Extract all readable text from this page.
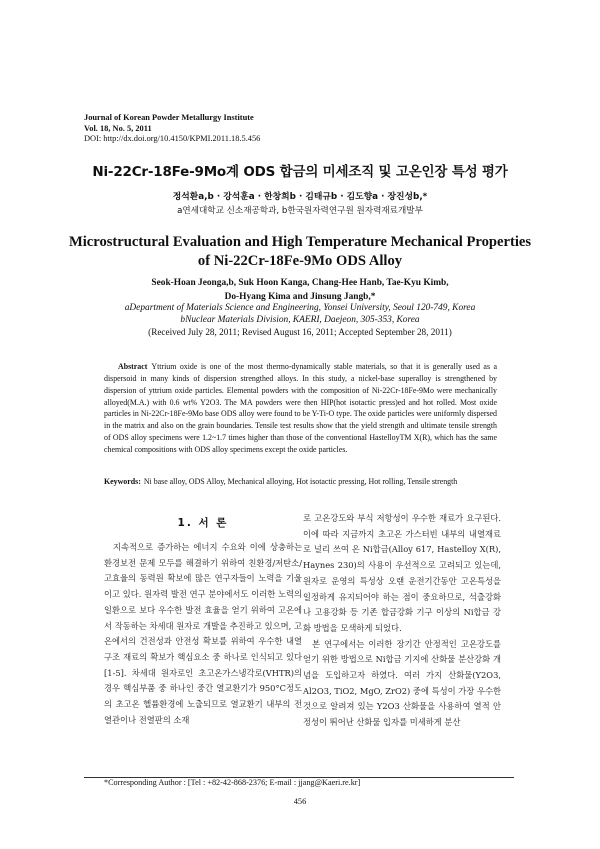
Journal of Korean Powder Metallurgy Institute
Vol. 18, No. 5, 2011
DOI: http://dx.doi.org/10.4150/KPMI.2011.18.5.456
Ni-22Cr-18Fe-9Mo계 ODS 합금의 미세조직 및 고온인장 특성 평가
정석환a,b · 강석훈a · 한창희b · 김태규b · 김도향a · 장진성b,*
a연세대학교 신소재공학과, b한국원자력연구원 원자력재료개발부
Microstructural Evaluation and High Temperature Mechanical Properties
of Ni-22Cr-18Fe-9Mo ODS Alloy
Seok-Hoan Jeonga,b, Suk Hoon Kanga, Chang-Hee Hanb, Tae-Kyu Kimb,
Do-Hyang Kima and Jinsung Jangb,*
aDepartment of Materials Science and Engineering, Yonsei University, Seoul 120-749, Korea
bNuclear Materials Division, KAERI, Daejeon, 305-353, Korea
(Received July 28, 2011; Revised August 16, 2011; Accepted September 28, 2011)

Abstract Yttrium oxide is one of the most thermo-dynamically stable materials, so that it is generally used as a dispersoid in many kinds of dispersion strengthed alloys. In this study, a nickel-base superalloy is strengthened by dispersion of yttrium oxide particles. Elemental powders with the composition of Ni-22Cr-18Fe-9Mo were mechanically alloyed(M.A.) with 0.6 wt% Y2O3. The MA powders were then HIP(hot isotactic press)ed and hot rolled. Most oxide particles in Ni-22Cr-18Fe-9Mo base ODS alloy were found to be Y-Ti-O type. The oxide particles were uniformly dispersed in the matrix and also on the grain boundaries. Tensile test results show that the yield strength and ultimate tensile strength of ODS alloy specimens were 1.2~1.7 times higher than those of the conventional HastelloyTM X(R), which has the same chemical compositions with ODS alloy specimens except the oxide particles.

Keywords: Ni base alloy, ODS Alloy, Mechanical alloying, Hot isotactic pressing, Hot rolling, Tensile strength
1. 서 론

지속적으로 증가하는 에너지 수요와 이에 상충하는 환경보전 문제 모두를 해결하기 위하여 친환경/저탄소/고효율의 동력원 확보에 많은 연구자들이 노력을 기울이고 있다. 원자력 발전 연구 분야에서도 이러한 노력의 일환으로 보다 우수한 발전 효율을 얻기 위하여 고온에서 작동하는 차세대 원자로 개발을 추진하고 있으며, 고온에서의 건전성과 안전성 확보를 위하여 우수한 내열구조 재료의 확보가 핵심요소 중 하나로 인식되고 있다[1-5]. 차세대 원자로인 초고온가스냉각로(VHTR)의 경우 핵심부품 중 하나인 중간 열교환기가 950°C정도의 초고온 헬륨환경에 노출되므로 열교환기 내부의 전열관이나 전열판의 소재

로 고온강도와 부식 저항성이 우수한 재료가 요구된다. 이에 따라 지금까지 초고온 가스터빈 내부의 내열재료로 널리 쓰여 온 Ni합금(Alloy 617, Hastelloy X(R), Haynes 230)의 사용이 우선적으로 고려되고 있는데, 원자로 운영의 특성상 오랜 운전기간동안 고온특성을 일정하게 유지되어야 하는 점이 중요하므로, 석출강화나 고용강화 등 기존 합금강화 기구 이상의 Ni합금 강화 방법을 모색하게 되었다.

본 연구에서는 이러한 장기간 안정적인 고온강도를 얻기 위한 방법으로 Ni합금 기지에 산화물 분산강화 개념을 도입하고자 하였다. 여러 가지 산화물(Y2O3, Al2O3, TiO2, MgO, ZrO2) 중에 특성이 가장 우수한 것으로 알려져 있는 Y2O3 산화물을 사용하여 열적 안정성이 뛰어난 산화물 입자를 미세하게 분산

*Corresponding Author : [Tel : +82-42-868-2376; E-mail : jjang@Kaeri.re.kr]
456
